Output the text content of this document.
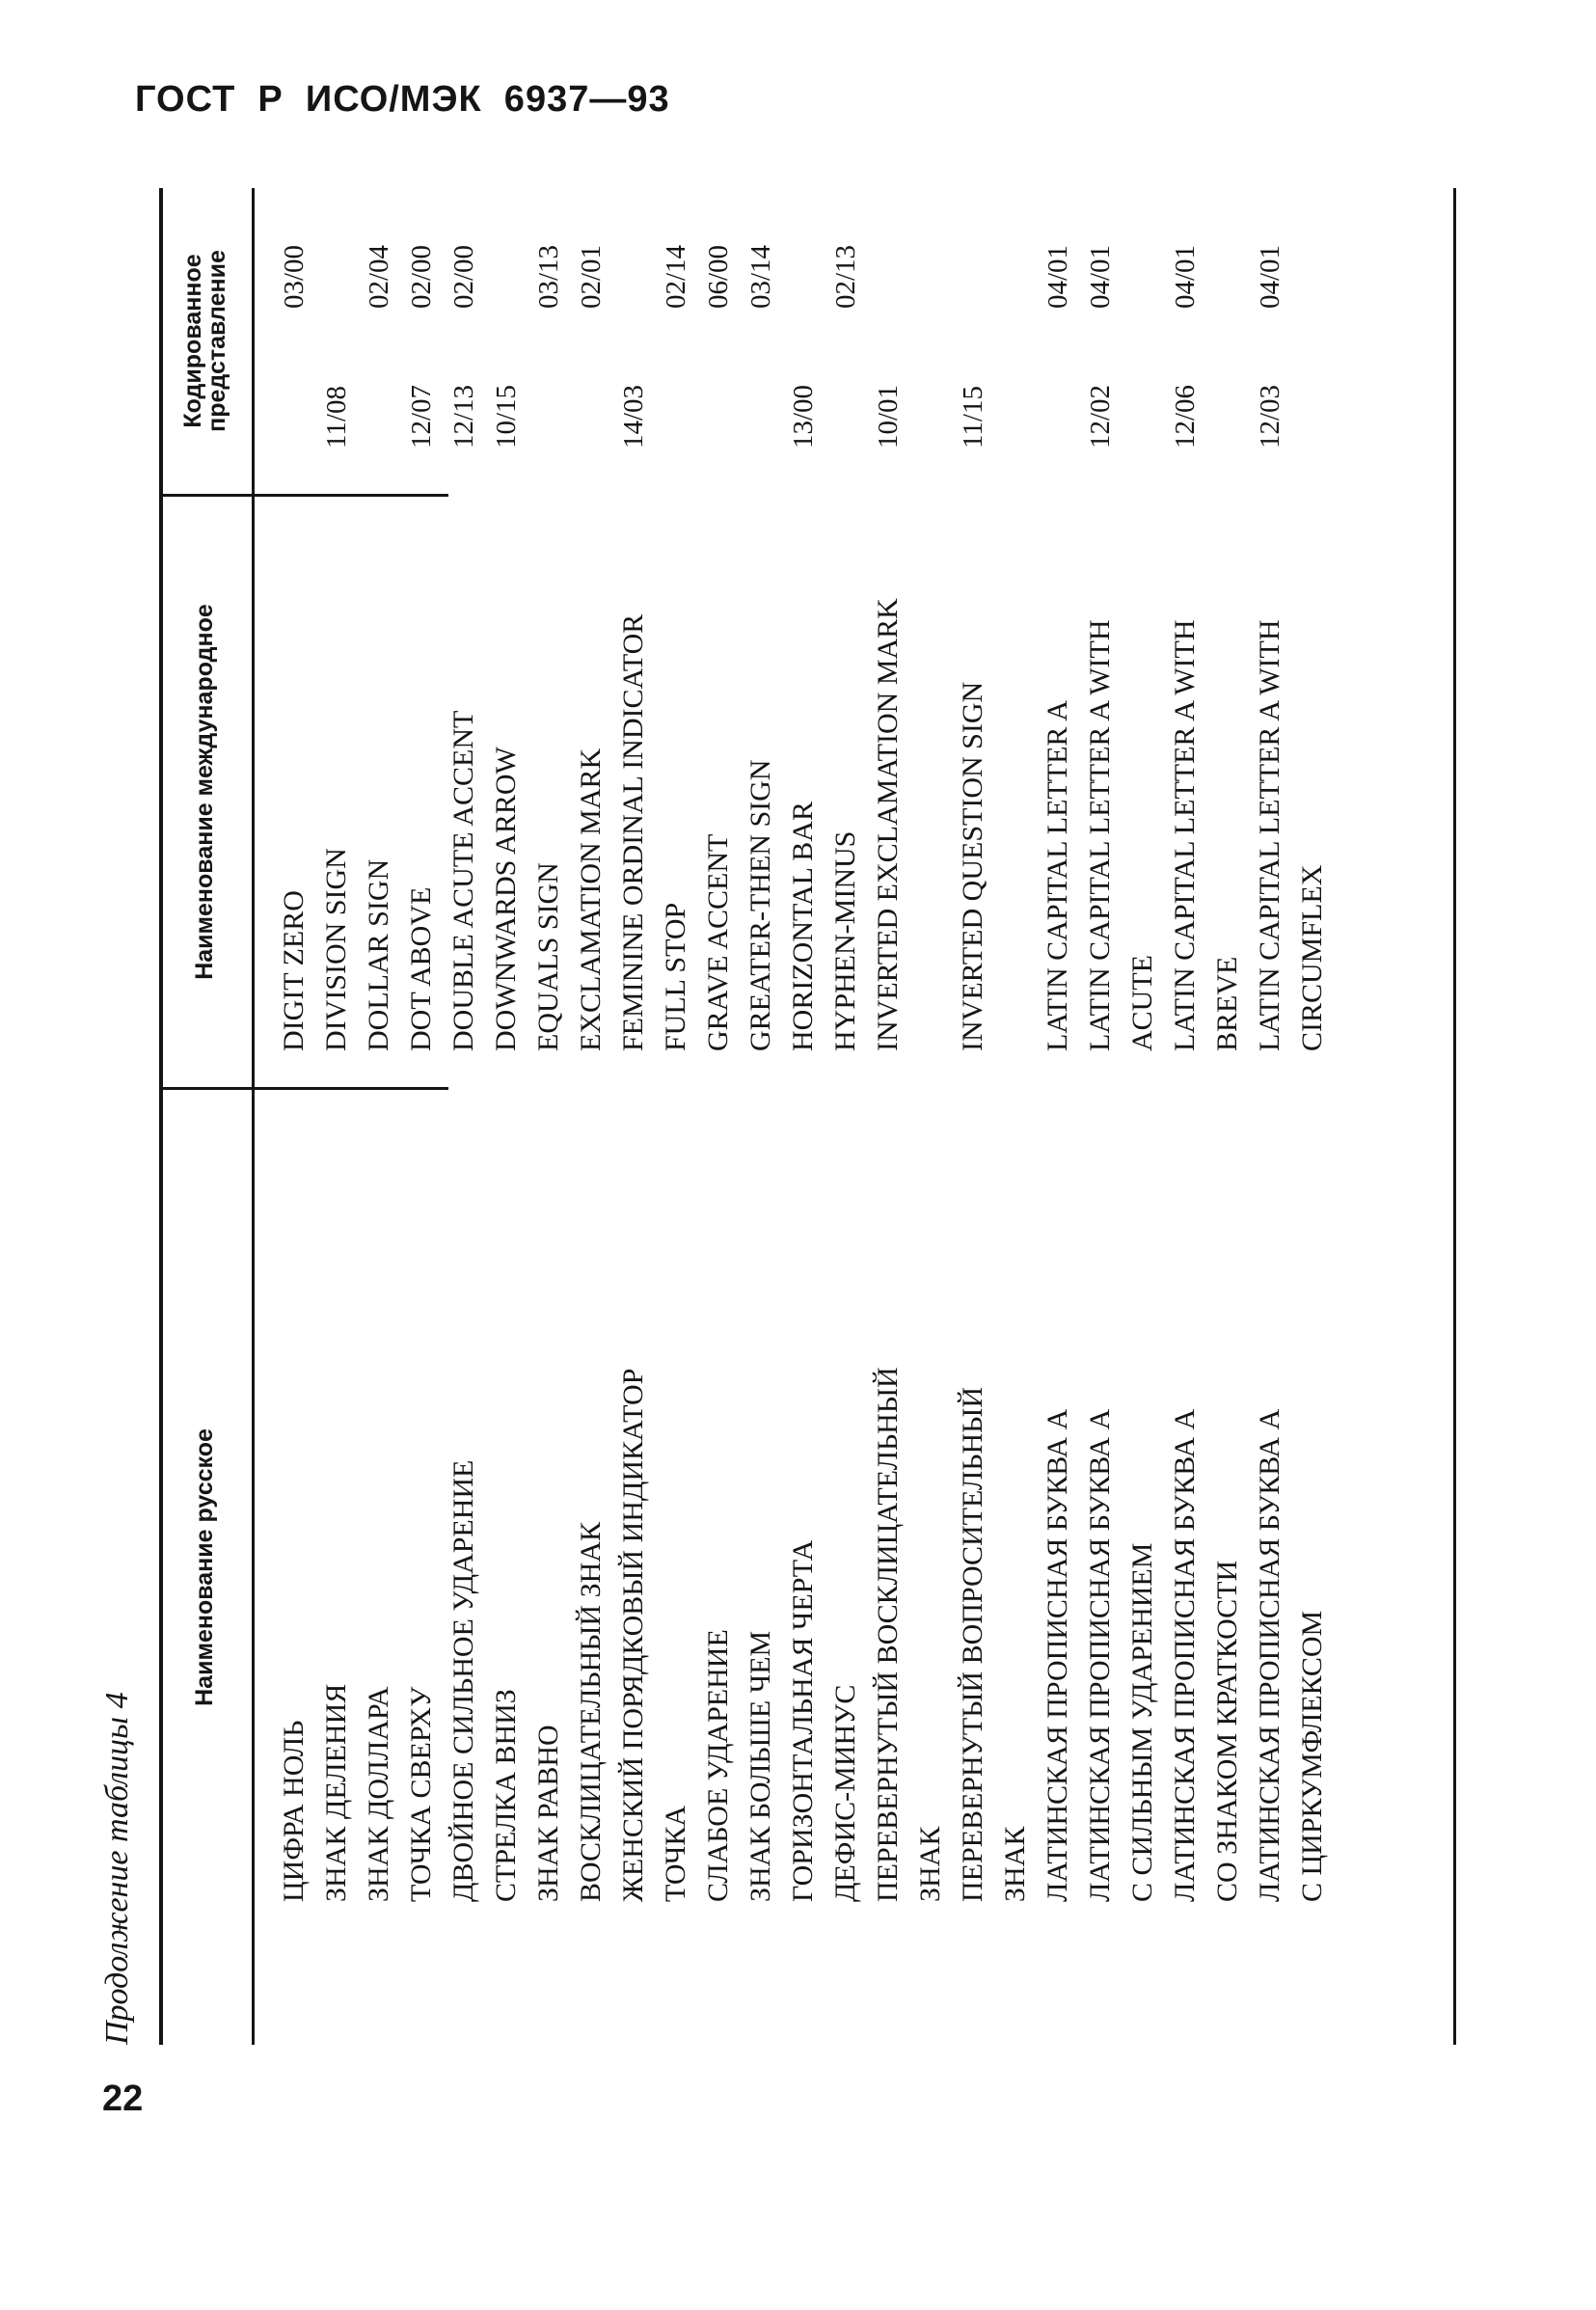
ГОСТ  Р  ИСО/МЭК  6937—93
22
Продолжение таблицы 4
Наименование русское
Наименование международное
Кодированное представление
ЦИФРА НОЛЬ
DIGIT ZERO
03/00
ЗНАК ДЕЛЕНИЯ
DIVISION SIGN
11/08
ЗНАК ДОЛЛАРА
DOLLAR SIGN
02/04
ТОЧКА СВЕРХУ
DOT ABOVE
12/07
02/00
ДВОЙНОЕ СИЛЬНОЕ УДАРЕНИЕ
DOUBLE ACUTE ACCENT
12/13
02/00
СТРЕЛКА ВНИЗ
DOWNWARDS ARROW
10/15
ЗНАК РАВНО
EQUALS SIGN
03/13
ВОСКЛИЦАТЕЛЬНЫЙ ЗНАК
EXCLAMATION MARK
02/01
ЖЕНСКИЙ ПОРЯДКОВЫЙ ИНДИКАТОР
FEMININE ORDINAL INDICATOR
14/03
ТОЧКА
FULL STOP
02/14
СЛАБОЕ УДАРЕНИЕ
GRAVE ACCENT
06/00
ЗНАК БОЛЬШЕ ЧЕМ
GREATER-THEN SIGN
03/14
ГОРИЗОНТАЛЬНАЯ ЧЕРТА
HORIZONTAL BAR
13/00
ДЕФИС-МИНУС
HYPHEN-MINUS
02/13
ПЕРЕВЕРНУТЫЙ ВОСКЛИЦАТЕЛЬНЫЙ
INVERTED EXCLAMATION MARK
10/01
ЗНАК ПЕРЕВЕРНУТЫЙ ВОПРОСИТЕЛЬНЫЙ
INVERTED QUESTION SIGN
11/15
ЗНАК ЛАТИНСКАЯ ПРОПИСНАЯ БУКВА А
LATIN CAPITAL LETTER A
04/01
ЛАТИНСКАЯ ПРОПИСНАЯ БУКВА А
LATIN CAPITAL LETTER A WITH
12/02
04/01
С СИЛЬНЫМ УДАРЕНИЕМ
ACUTE
ЛАТИНСКАЯ ПРОПИСНАЯ БУКВА А
LATIN CAPITAL LETTER A WITH
12/06
04/01
СО ЗНАКОМ КРАТКОСТИ
BREVE
ЛАТИНСКАЯ ПРОПИСНАЯ БУКВА А
LATIN CAPITAL LETTER A WITH
12/03
04/01
С ЦИРКУМФЛЕКСОМ
CIRCUMFLEX
